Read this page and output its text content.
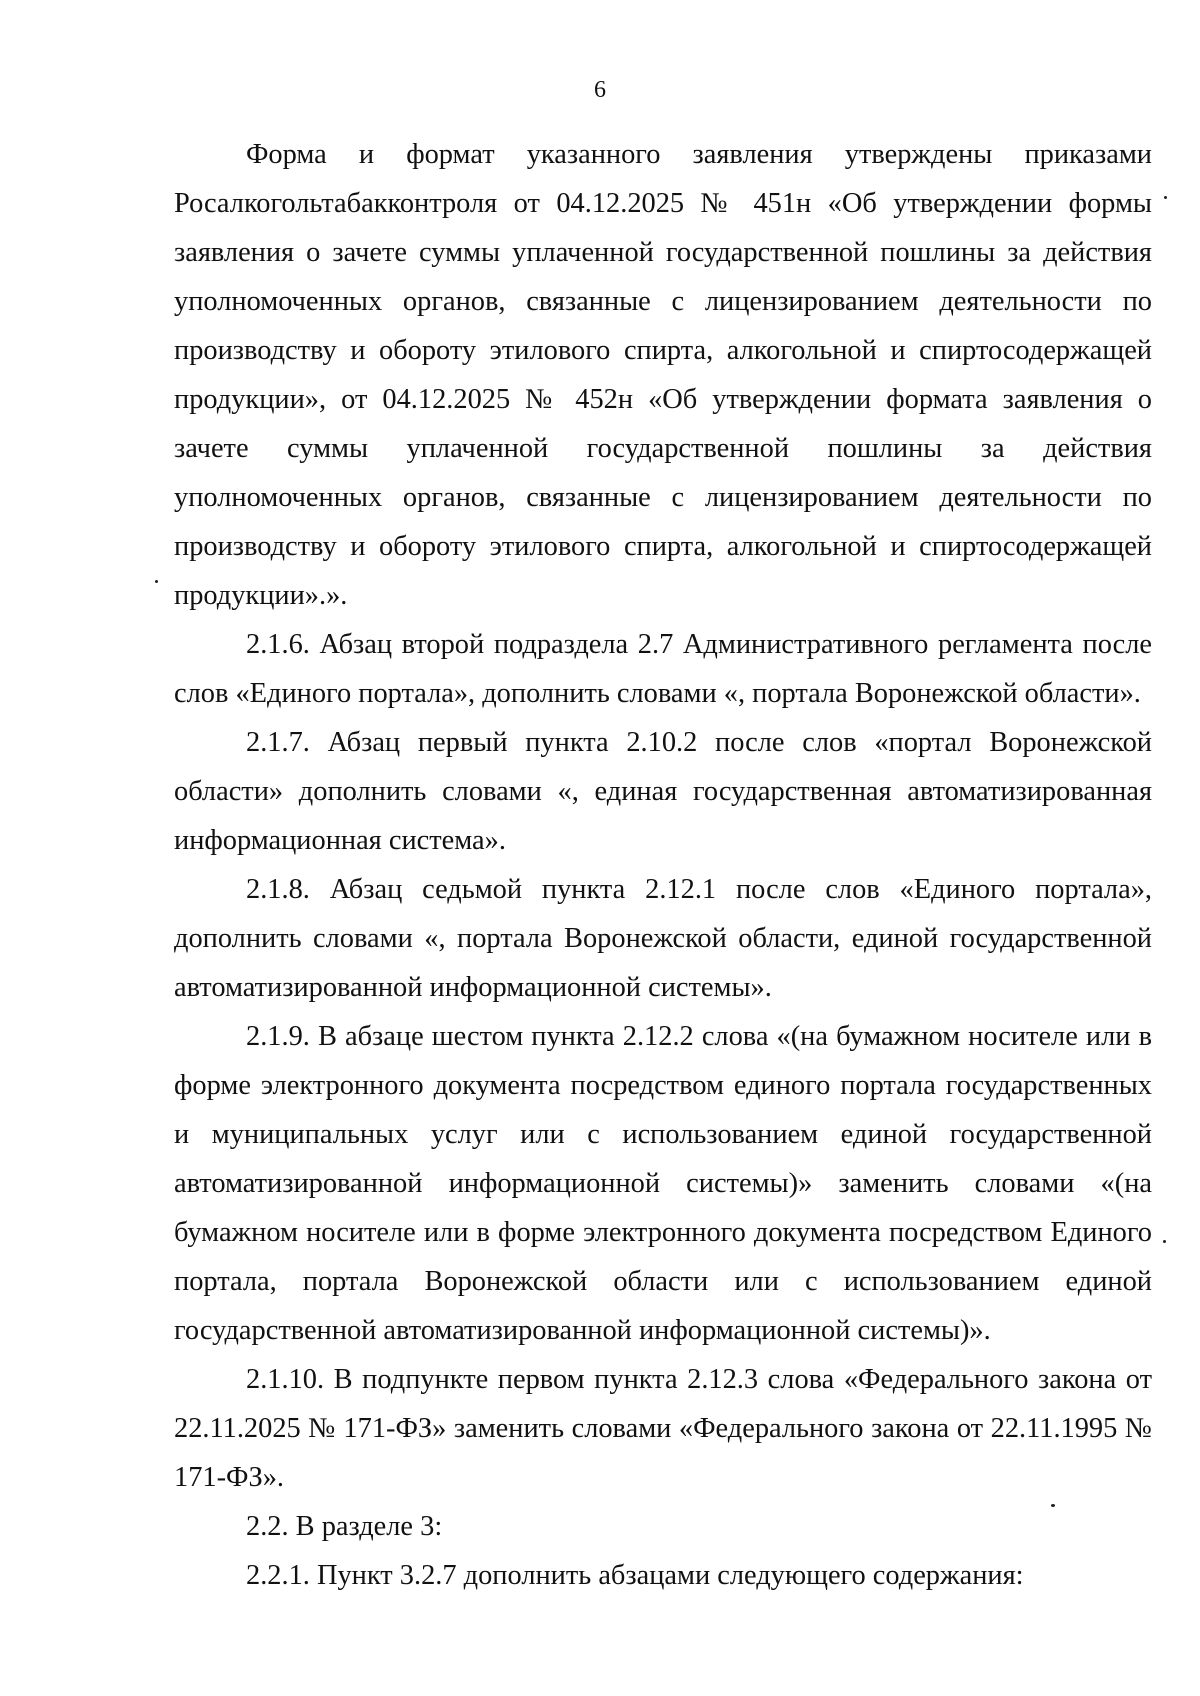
6

Форма и формат указанного заявления утверждены приказами Росалкогольтабакконтроля от 04.12.2025 № 451н «Об утверждении формы заявления о зачете суммы уплаченной государственной пошлины за действия уполномоченных органов, связанные с лицензированием деятельности по производству и обороту этилового спирта, алкогольной и спиртосодержащей продукции», от 04.12.2025 № 452н «Об утверждении формата заявления о зачете суммы уплаченной государственной пошлины за действия уполномоченных органов, связанные с лицензированием деятельности по производству и обороту этилового спирта, алкогольной и спиртосодержащей продукции».».

2.1.6. Абзац второй подраздела 2.7 Административного регламента после слов «Единого портала», дополнить словами «, портала Воронежской области».

2.1.7. Абзац первый пункта 2.10.2 после слов «портал Воронежской области» дополнить словами «, единая государственная автоматизированная информационная система».

2.1.8. Абзац седьмой пункта 2.12.1 после слов «Единого портала», дополнить словами «, портала Воронежской области, единой государственной автоматизированной информационной системы».

2.1.9. В абзаце шестом пункта 2.12.2 слова «(на бумажном носителе или в форме электронного документа посредством единого портала государственных и муниципальных услуг или с использованием единой государственной автоматизированной информационной системы)» заменить словами «(на бумажном носителе или в форме электронного документа посредством Единого портала, портала Воронежской области или с использованием единой государственной автоматизированной информационной системы)».

2.1.10. В подпункте первом пункта 2.12.3 слова «Федерального закона от 22.11.2025 № 171-ФЗ» заменить словами «Федерального закона от 22.11.1995 № 171-ФЗ».

2.2. В разделе 3:

2.2.1. Пункт 3.2.7 дополнить абзацами следующего содержания:
